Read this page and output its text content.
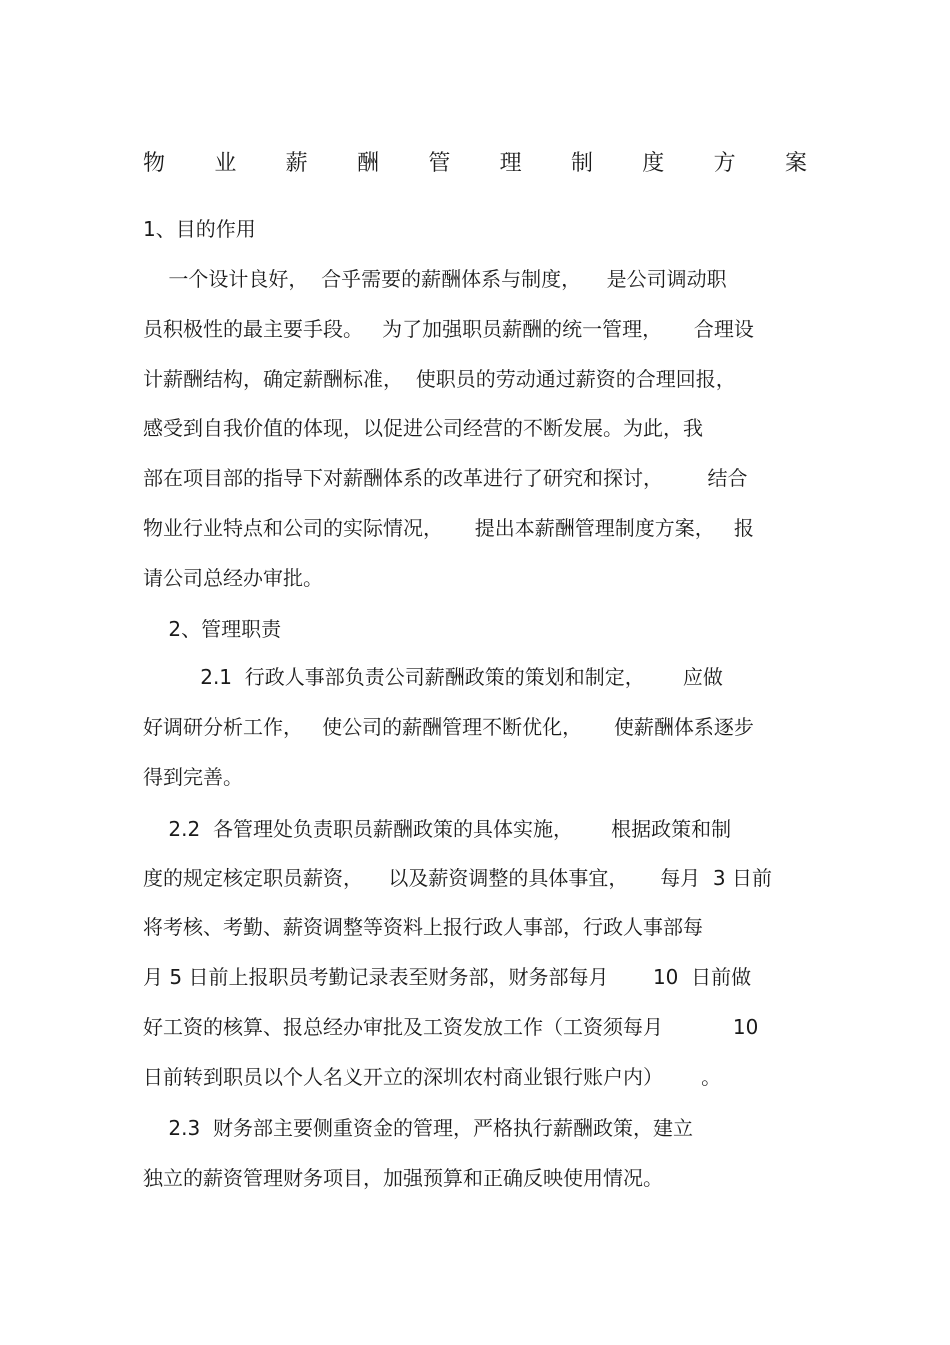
物 业 薪 酬 管 理 制 度 方 案
1、目的作用
一个设计良好，  合乎需要的薪酬体系与制度，    是公司调动职
员积极性的最主要手段。   为了加强职员薪酬的统一管理，     合理设
计薪酬结构，确定薪酬标准，  使职员的劳动通过薪资的合理回报，
感受到自我价值的体现，以促进公司经营的不断发展。为此，我
部在项目部的指导下对薪酬体系的改革进行了研究和探讨，       结合
物业行业特点和公司的实际情况，     提出本薪酬管理制度方案，   报
请公司总经办审批。
2、管理职责
2.1  行政人事部负责公司薪酬政策的策划和制定，      应做
好调研分析工作，   使公司的薪酬管理不断优化，     使薪酬体系逐步
得到完善。
2.2  各管理处负责职员薪酬政策的具体实施，      根据政策和制
度的规定核定职员薪资，    以及薪资调整的具体事宜，     每月  3 日前
将考核、考勤、薪资调整等资料上报行政人事部，行政人事部每
月 5 日前上报职员考勤记录表至财务部，财务部每月       10  日前做
好工资的核算、报总经办审批及工资发放工作（工资须每月           10
日前转到职员以个人名义开立的深圳农村商业银行账户内）      。
2.3  财务部主要侧重资金的管理，严格执行薪酬政策，建立
独立的薪资管理财务项目，加强预算和正确反映使用情况。
